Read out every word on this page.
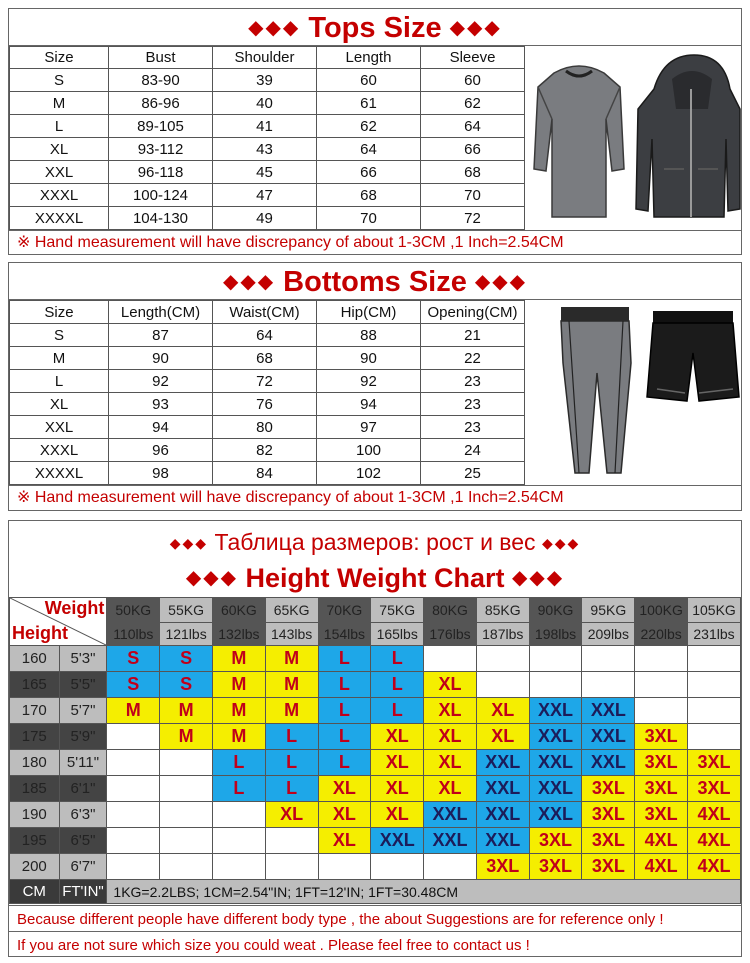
◆◆◆ Tops Size ◆◆◆
Size	Bust	Shoulder	Length	Sleeve
S	83-90	39	60	60
M	86-96	40	61	62
L	89-105	41	62	64
XL	93-112	43	64	66
XXL	96-118	45	66	68
XXXL	100-124	47	68	70
XXXXL	104-130	49	70	72
※ Hand measurement will have discrepancy of about 1-3CM ,1 Inch=2.54CM
◆◆◆ Bottoms Size ◆◆◆
Size	Length(CM)	Waist(CM)	Hip(CM)	Opening(CM)
S	87	64	88	21
M	90	68	90	22
L	92	72	92	23
XL	93	76	94	23
XXL	94	80	97	23
XXXL	96	82	100	24
XXXXL	98	84	102	25
※ Hand measurement will have discrepancy of about 1-3CM ,1 Inch=2.54CM
◆◆◆ Таблица размеров: рост и вес ◆◆◆
◆◆◆ Height Weight Chart ◆◆◆
Weight
Height		50KG	55KG	60KG	65KG	70KG	75KG	80KG	85KG	90KG	95KG	100KG	105KG
		110lbs	121lbs	132lbs	143lbs	154lbs	165lbs	176lbs	187lbs	198lbs	209lbs	220lbs	231lbs
160	5'3"	S	S	M	M	L	L						
165	5'5"	S	S	M	M	L	L	XL					
170	5'7"	M	M	M	M	L	L	XL	XL	XXL	XXL		
175	5'9"		M	M	L	L	XL	XL	XL	XXL	XXL	3XL	
180	5'11"			L	L	L	XL	XL	XXL	XXL	XXL	3XL	3XL
185	6'1"			L	L	XL	XL	XL	XXL	XXL	3XL	3XL	3XL
190	6'3"				XL	XL	XL	XXL	XXL	XXL	3XL	3XL	4XL
195	6'5"					XL	XXL	XXL	XXL	3XL	3XL	4XL	4XL
200	6'7"								3XL	3XL	3XL	4XL	4XL
CM	FT'IN"	1KG=2.2LBS; 1CM=2.54"IN; 1FT=12'IN; 1FT=30.48CM											
Because different people have different body type , the about Suggestions are for reference only !
If you are not sure which size you could weat . Please feel free to contact us !
